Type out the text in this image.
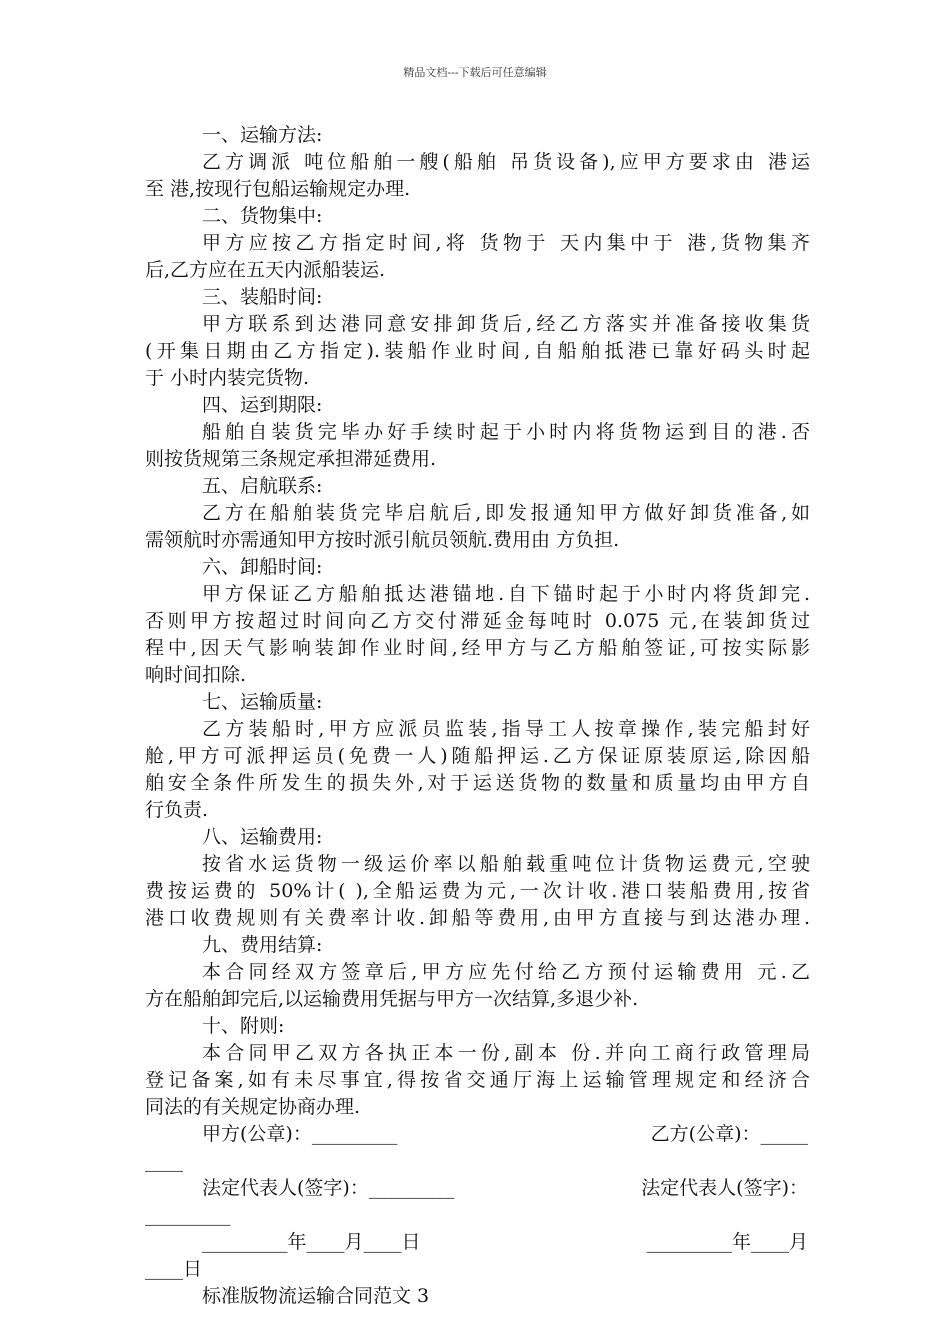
精品文档---下载后可任意编辑
一、运输方法:
乙方调派 吨位船舶一艘(船舶 吊货设备),应甲方要求由 港运
至 港,按现行包船运输规定办理.
二、货物集中:
甲方应按乙方指定时间,将 货物于 天内集中于 港,货物集齐
后,乙方应在五天内派船装运.
三、装船时间:
甲方联系到达港同意安排卸货后,经乙方落实并准备接收集货
(开集日期由乙方指定).装船作业时间,自船舶抵港已靠好码头时起
于 小时内装完货物.
四、运到期限:
船舶自装货完毕办好手续时起于小时内将货物运到目的港.否
则按货规第三条规定承担滞延费用.
五、启航联系:
乙方在船舶装货完毕启航后,即发报通知甲方做好卸货准备,如
需领航时亦需通知甲方按时派引航员领航.费用由 方负担.
六、卸船时间:
甲方保证乙方船舶抵达港锚地.自下锚时起于小时内将货卸完.
否则甲方按超过时间向乙方交付滞延金每吨时 0.075 元,在装卸货过
程中,因天气影响装卸作业时间,经甲方与乙方船舶签证,可按实际影
响时间扣除.
七、运输质量:
乙方装船时,甲方应派员监装,指导工人按章操作,装完船封好
舱,甲方可派押运员(免费一人)随船押运.乙方保证原装原运,除因船
舶安全条件所发生的损失外,对于运送货物的数量和质量均由甲方自
行负责.
八、运输费用:
按省水运货物一级运价率以船舶载重吨位计货物运费元,空驶
费按运费的 50%计( ),全船运费为元,一次计收.港口装船费用,按省
港口收费规则有关费率计收.卸船等费用,由甲方直接与到达港办理.
九、费用结算:
本合同经双方签章后,甲方应先付给乙方预付运输费用 元.乙
方在船舶卸完后,以运输费用凭据与甲方一次结算,多退少补.
十、附则:
本合同甲乙双方各执正本一份,副本 份.并向工商行政管理局
登记备案,如有未尽事宜,得按省交通厅海上运输管理规定和经济合
同法的有关规定协商办理.
甲方(公章)：_________	乙方(公章)：_____
____
法定代表人(签字)：_________	法定代表人(签字)：
_________
_________年____月____日	_________年____月
____日
标准版物流运输合同范文 3
